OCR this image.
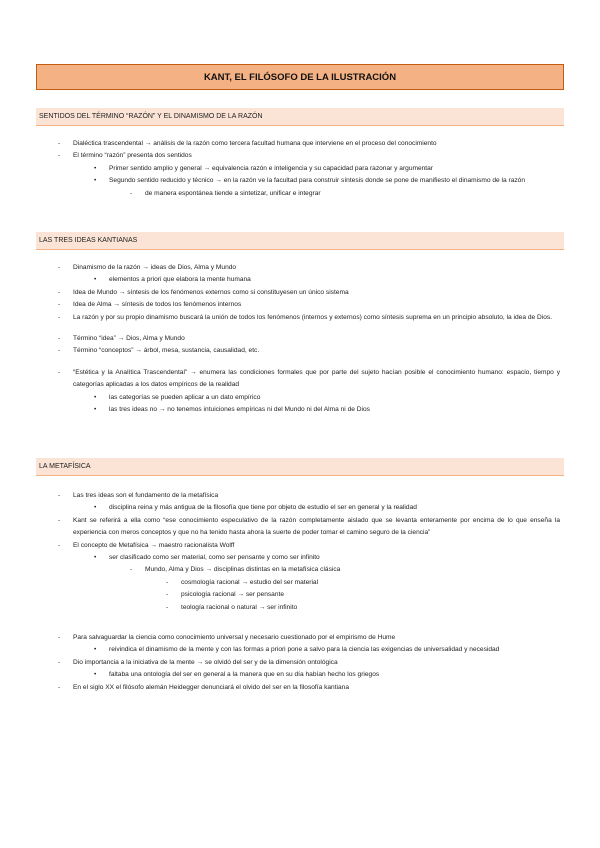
KANT, EL FILÓSOFO DE LA ILUSTRACIÓN
SENTIDOS DEL TÉRMINO “RAZÓN” Y EL DINAMISMO DE LA RAZÓN
- Dialéctica trascendental → análisis de la razón como tercera facultad humana que interviene en el proceso del conocimiento
- El término “razón” presenta dos sentidos
• Primer sentido amplio y general → equivalencia razón e inteligencia y su capacidad para razonar y argumentar
• Segundo sentido reducido y técnico → en la razón ve la facultad para construir síntesis donde se pone de manifiesto el dinamismo de la razón
- de manera espontánea tiende a sintetizar, unificar e integrar
LAS TRES IDEAS KANTIANAS
- Dinamismo de la razón → ideas de Dios, Alma y Mundo
• elementos a priori que elabora la mente humana
- Idea de Mundo → síntesis de los fenómenos externos como si constituyesen un único sistema
- Idea de Alma → síntesis de todos los fenómenos internos
- La razón y por su propio dinamismo buscará la unión de todos los fenómenos (internos y externos) como síntesis suprema en un principio absoluto, la idea de Dios.
- Término “idea” → Dios, Alma y Mundo
- Término “conceptos” → árbol, mesa, sustancia, causalidad, etc.
- “Estética y la Analítica Trascendental” → enumera las condiciones formales que por parte del sujeto hacían posible el conocimiento humano: espacio, tiempo y categorías aplicadas a los datos empíricos de la realidad
• las categorías se pueden aplicar a un dato empírico
• las tres ideas no → no tenemos intuiciones empíricas ni del Mundo ni del Alma ni de Dios
LA METAFÍSICA
- Las tres ideas son el fundamento de la metafísica
• disciplina reina y más antigua de la filosofía que tiene por objeto de estudio el ser en general y la realidad
- Kant se referirá a ella como “ese conocimiento especulativo de la razón completamente aislado que se levanta enteramente por encima de lo que enseña la experiencia con meros conceptos y que no ha tenido hasta ahora la suerte de poder tomar el camino seguro de la ciencia”
- El concepto de Metafísica → maestro racionalista Wolff
• ser clasificado como ser material, como ser pensante y como ser infinito
- Mundo, Alma y Dios → disciplinas distintas en la metafísica clásica
- cosmología racional → estudio del ser material
- psicología racional → ser pensante
- teología racional o natural → ser infinito
- Para salvaguardar la ciencia como conocimiento universal y necesario cuestionado por el empirismo de Hume
• reivindica el dinamismo de la mente y con las formas a priori pone a salvo para la ciencia las exigencias de universalidad y necesidad
- Dio importancia a la iniciativa de la mente → se olvidó del ser y de la dimensión ontológica
• faltaba una ontología del ser en general a la manera que en su día habían hecho los griegos
- En el siglo XX el filósofo alemán Heidegger denunciará el olvido del ser en la filosofía kantiana
